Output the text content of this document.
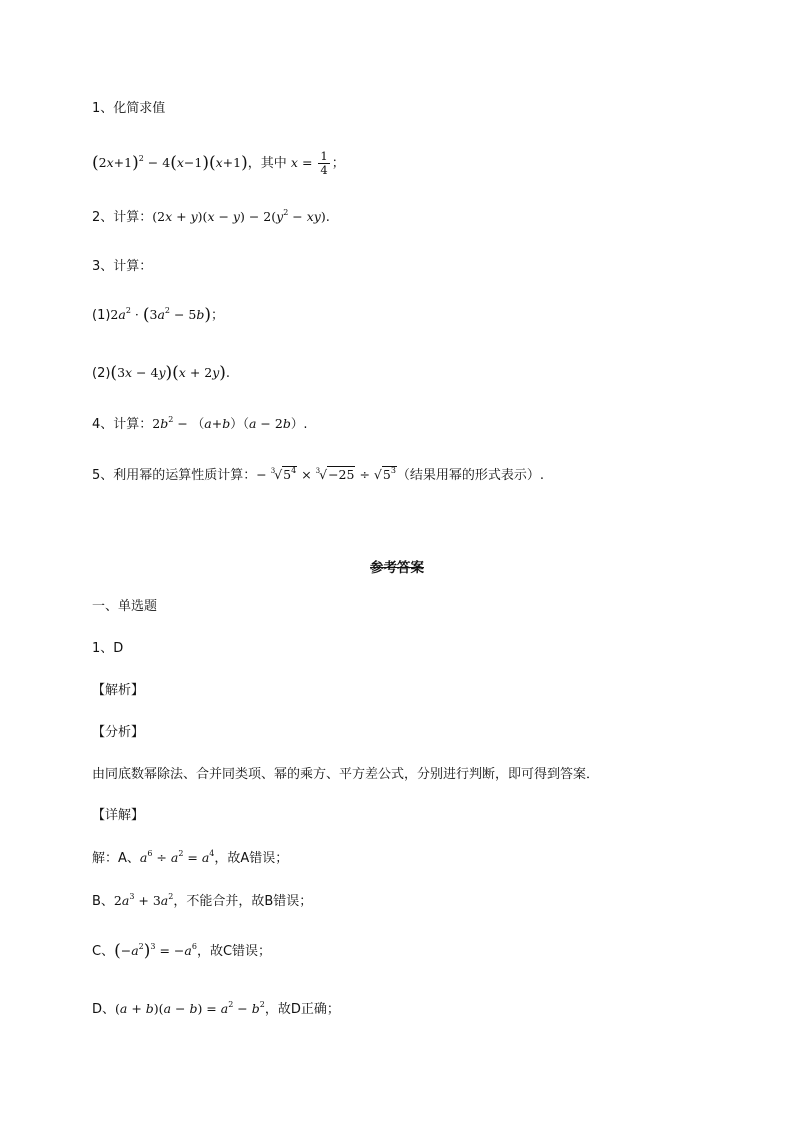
1、化简求值
$(2x+1)^2 - 4(x-1)(x+1)$，其中 $x = \frac{1}{4}$ ；
2、计算：$(2x + y)(x - y) - 2(y^2 - xy)$.
3、计算：
$(1)2a^2 \cdot (3a^2 - 5b)$；
(2)(3x − 4y)(x + 2y).
4、计算：$2b^2 - (a+b)(a - 2b)$.
5、利用幂的运算性质计算：− $^3√5^4 \times ^3√-25 \div √5^3$（结果用幂的形式表示）.
参考答案
一、单选题
1、D
【解析】
【分析】
由同底数幂除法、合并同类项、幂的乘方、平方差公式，分别进行判断，即可得到答案．
【详解】
解：A、$a^6 \div a^2 = a^4$，故A错误；
B、$2a^3 + 3a^2$，不能合并，故B错误；
C、$(-a^2)^3 = -a^6$，故C错误；
D、$(a + b)(a - b) = a^2 - b^2$，故D正确；
